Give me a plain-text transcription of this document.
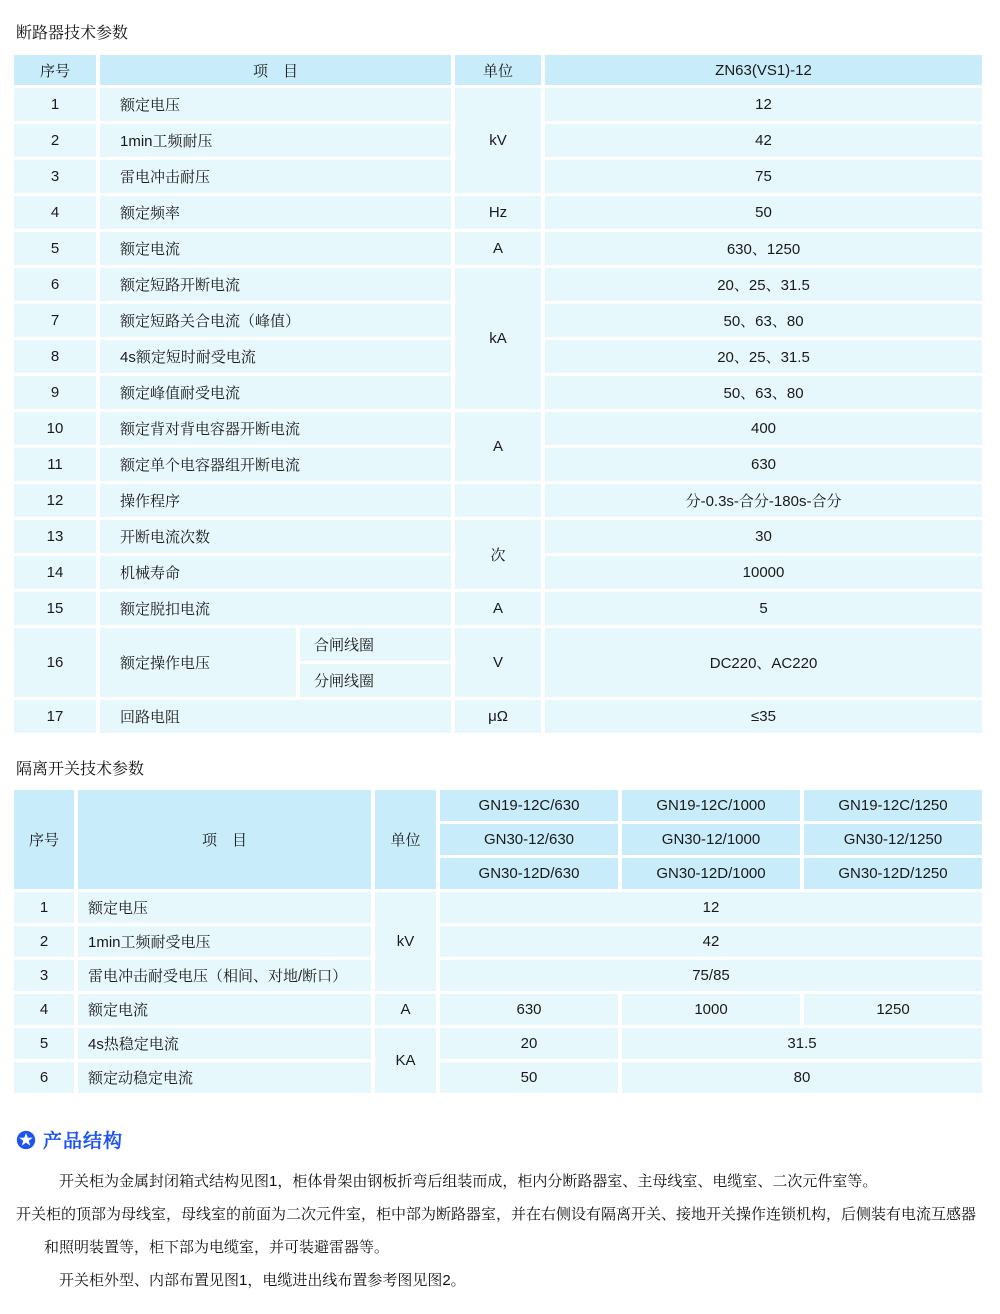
断路器技术参数
序号	项　目		单位	ZN63(VS1)-12
1	额定电压		kV	12
2	1min工频耐压			42
3	雷电冲击耐压			75
4	额定频率		Hz	50
5	额定电流		A	630、1250
6	额定短路开断电流		kA	20、25、31.5
7	额定短路关合电流（峰值）			50、63、80
8	4s额定短时耐受电流			20、25、31.5
9	额定峰值耐受电流			50、63、80
10	额定背对背电容器开断电流		A	400
11	额定单个电容器组开断电流			630
12	操作程序			分-0.3s-合分-180s-合分
13	开断电流次数		次	30
14	机械寿命			10000
15	额定脱扣电流		A	5
16	额定操作电压	合闸线圈	V	DC220、AC220
		分闸线圈		
17	回路电阻		μΩ	≤35
隔离开关技术参数
序号	项　目	单位	GN19-12C/630	GN19-12C/1000	GN19-12C/1250
			GN30-12/630	GN30-12/1000	GN30-12/1250
			GN30-12D/630	GN30-12D/1000	GN30-12D/1250
1	额定电压	kV	12		
2	1min工频耐受电压		42		
3	雷电冲击耐受电压（相间、对地/断口）		75/85		
4	额定电流	A	630	1000	1250
5	4s热稳定电流	KA	20	31.5	
6	额定动稳定电流		50	80	
产品结构

开关柜为金属封闭箱式结构见图1，柜体骨架由钢板折弯后组装而成，柜内分断路器室、主母线室、电缆室、二次元件室等。

开关柜的顶部为母线室，母线室的前面为二次元件室，柜中部为断路器室，并在右侧设有隔离开关、接地开关操作连锁机构，后侧装有电流互感器和照明装置等，柜下部为电缆室，并可装避雷器等。

开关柜外型、内部布置见图1，电缆进出线布置参考图见图2。
